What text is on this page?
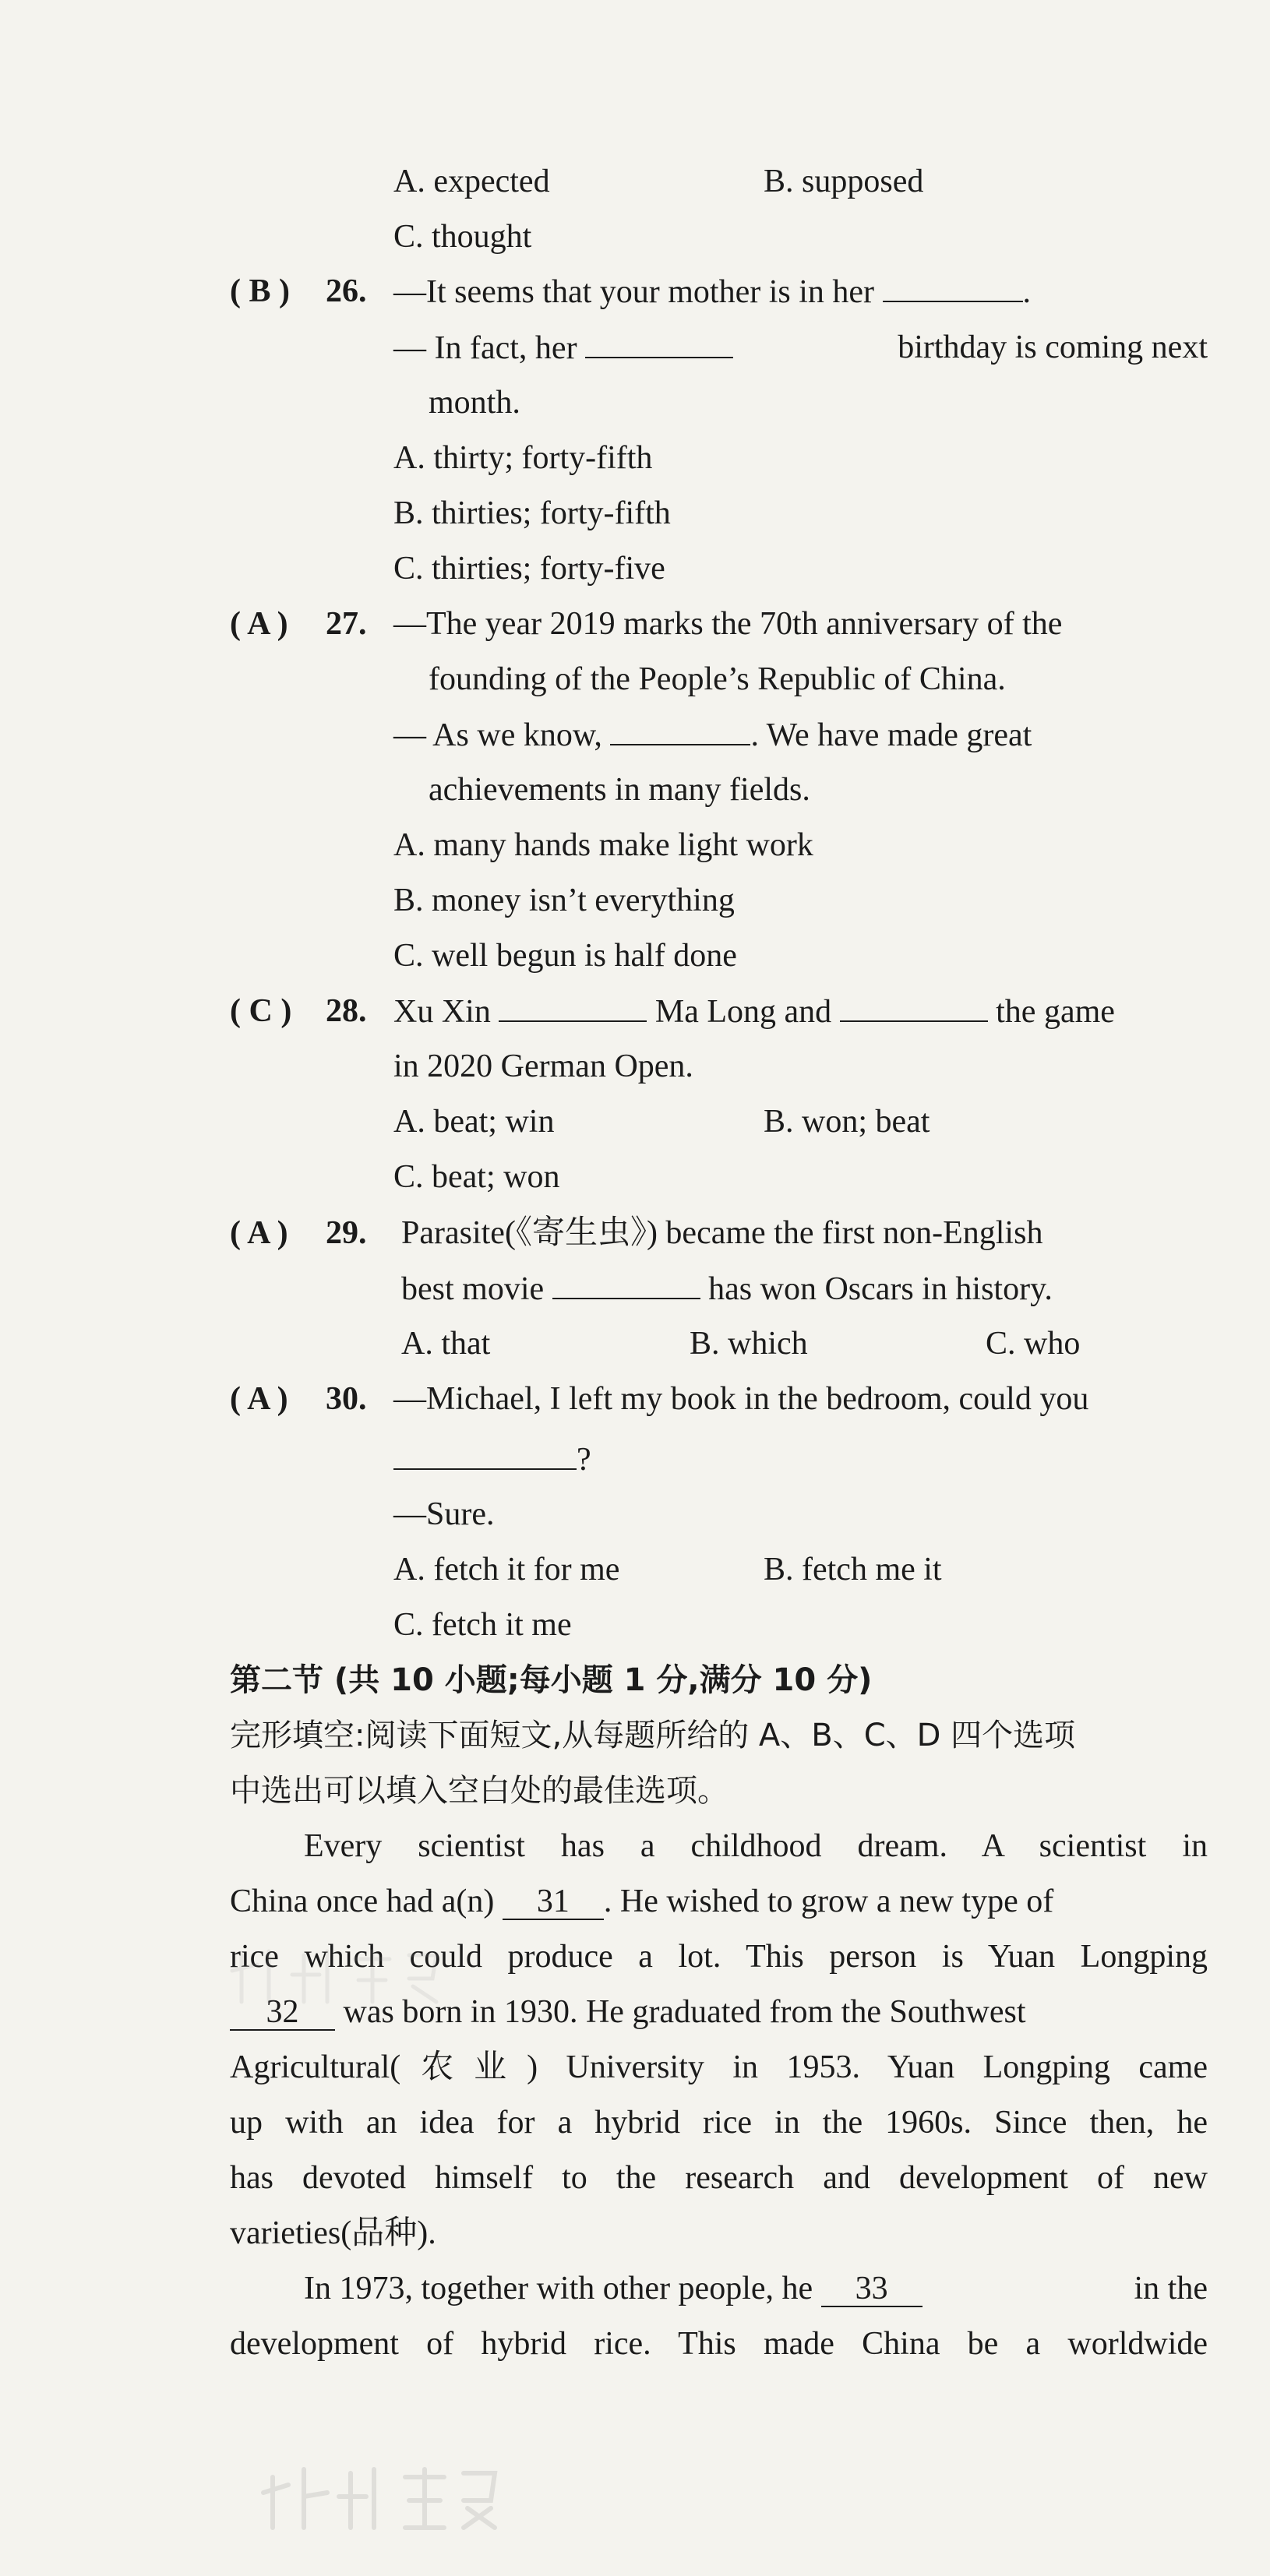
A. expected	B. supposed
C. thought
( B ) 26. —It seems that your mother is in her	.
— In fact, her	birthday is coming next
month.
A. thirty; forty-fifth
B. thirties; forty-fifth
C. thirties; forty-five
( A ) 27. —The year 2019 marks the 70th anniversary of the
founding of the People’s Republic of China.
— As we know,	. We have made great
achievements in many fields.
A. many hands make light work
B. money isn’t everything
C. well begun is half done
( C ) 28. Xu Xin	Ma Long and	the game
in 2020 German Open.
A. beat; win	B. won; beat
C. beat; won
( A ) 29. Parasite(《寄生虫》) became the first non-English
best movie	has won Oscars in history.
A. that	B. which	C. who
( A ) 30. —Michael, I left my book in the bedroom, could you
?
—Sure.
A. fetch it for me	B. fetch me it
C. fetch it me
第二节 (共 10 小题;每小题 1 分,满分 10 分)
完形填空:阅读下面短文,从每题所给的 A、B、C、D 四个选项
中选出可以填入空白处的最佳选项。
Every scientist has a childhood dream. A scientist in
China once had a(n) 31 . He wished to grow a new type of
rice which could produce a lot. This person is Yuan Longping
32 was born in 1930. He graduated from the Southwest
Agricultural(农业) University in 1953. Yuan Longping came
up with an idea for a hybrid rice in the 1960s. Since then, he
has devoted himself to the research and development of new
varieties(品种).
In 1973, together with other people, he 33	in the
development of hybrid rice. This made China be a worldwide
